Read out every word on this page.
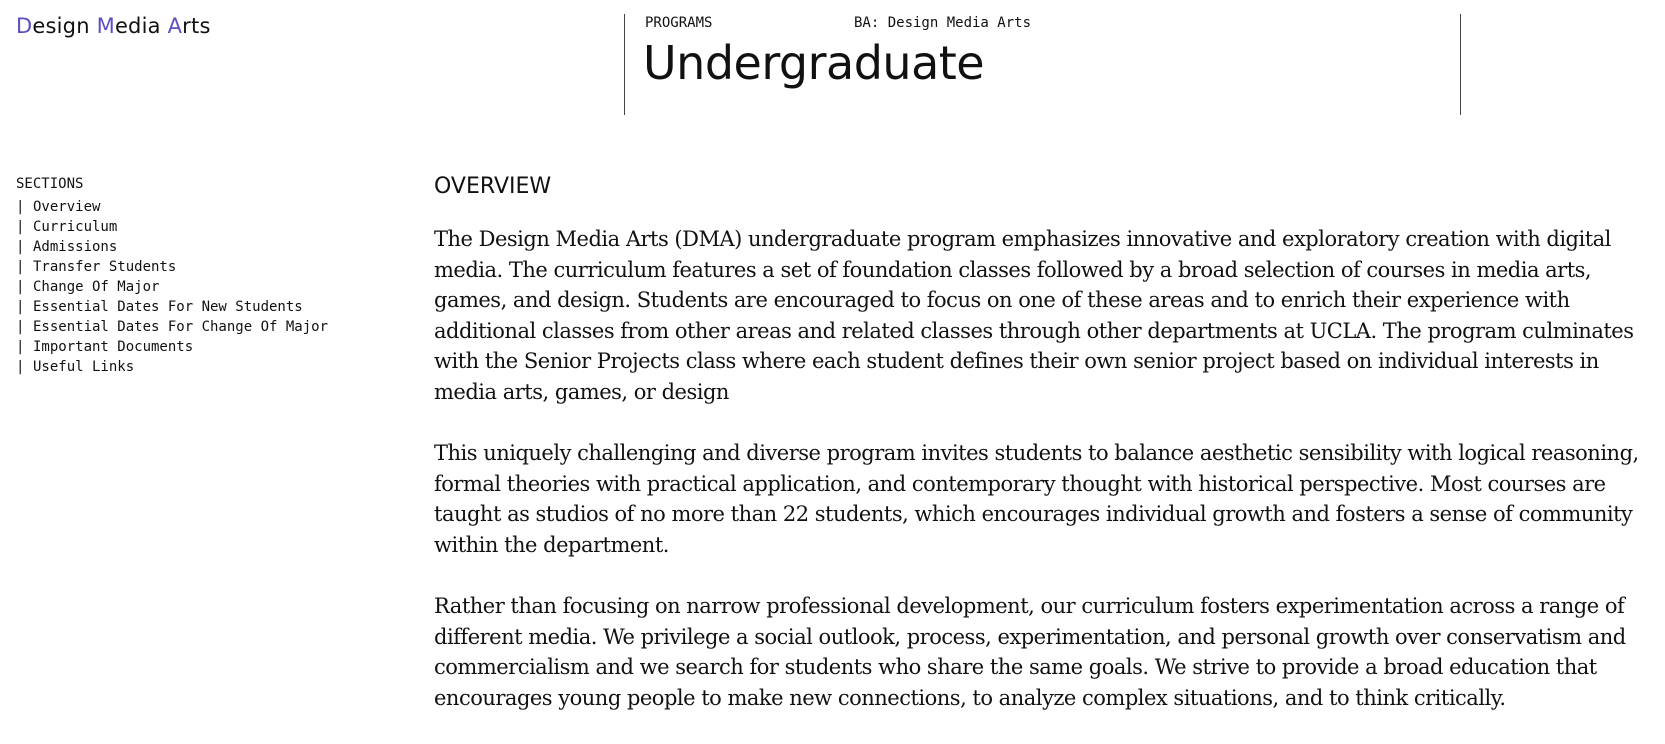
Design Media Arts	PROGRAMS	BA: Design Media Arts
Undergraduate
SECTIONS
| Overview
| Curriculum
| Admissions
| Transfer Students
| Change Of Major
| Essential Dates For New Students
| Essential Dates For Change Of Major
| Important Documents
| Useful Links
OVERVIEW

The Design Media Arts (DMA) undergraduate program emphasizes innovative and exploratory creation with digital media. The curriculum features a set of foundation classes followed by a broad selection of courses in media arts, games, and design. Students are encouraged to focus on one of these areas and to enrich their experience with additional classes from other areas and related classes through other departments at UCLA. The program culminates with the Senior Projects class where each student defines their own senior project based on individual interests in media arts, games, or design

This uniquely challenging and diverse program invites students to balance aesthetic sensibility with logical reasoning, formal theories with practical application, and contemporary thought with historical perspective. Most courses are taught as studios of no more than 22 students, which encourages individual growth and fosters a sense of community within the department.

Rather than focusing on narrow professional development, our curriculum fosters experimentation across a range of different media. We privilege a social outlook, process, experimentation, and personal growth over conservatism and commercialism and we search for students who share the same goals. We strive to provide a broad education that encourages young people to make new connections, to analyze complex situations, and to think critically.
